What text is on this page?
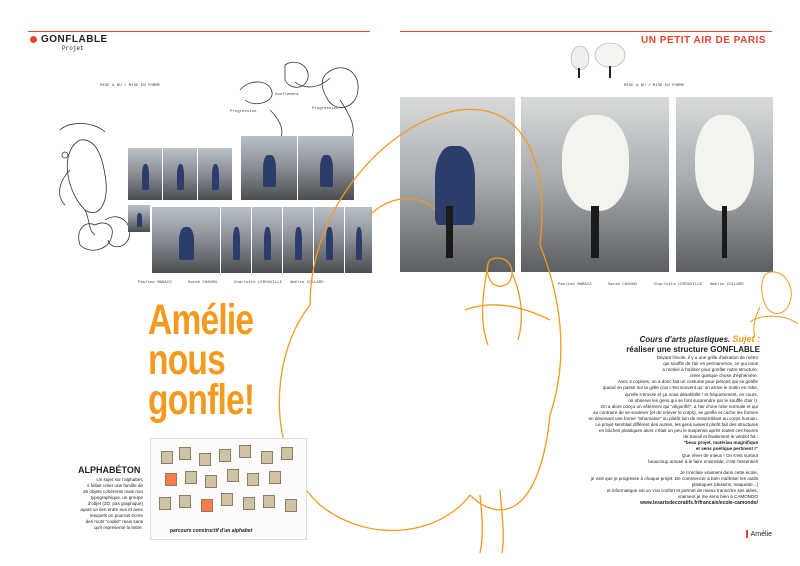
GONFLABLE
Projet
UN PETIT AIR DE PARIS
MISE A NU / MISE EN FORME
Gonflement
Progression
Progression
MISE A NU / MISE EN FORME
Pauline MARAIS	Sarah CHAVON	Charlotte LEROUVILLE Amélie COLLARD	Pauline MARAIS	Sarah CHAVON	Charlotte LEROUVILLE Amélie COLLARD
Amélie
nous
gonfle!
ALPHABÉTON
Un sujet sur l'alphabet,
il fallait créer une famille de
26 objets cohérents mais non
typographique, un groupe
d'objet (3D, pas graphique)
ayant un lien entre eux et avec
lesquels on pourrait écrire
des mots "codés" mais sans
qu'il représente la lettre.
parcours constructif d'un alphabet
Cours d'arts plastiques. Sujet :
réaliser une structure GONFLABLE
Devant l'école, il y a une grille d'aération de métro
qui souffle de l'air en permanence, ce qui nous
a motivé à l'utiliser pour gonfler notre structure;
créer quelque chose d'éphémère.
Avec 4 copines, on a donc fait un costume pour piétons qui se gonfle
quand on passe sur la grille (car c'est souvent qu' on arrive le matin en robe,
qu'elle s'envole et ça nous désahbille ! et fréquemment, en cours,
on observe les gens qui se font surprendre par le souffle d'air !).
On a alors conçu un vêtement qui "dégonflé", a l'air d'une robe normale et qui
au contraire de se soulever (et de relever le corps), se gonfle et cache les formes
en devenant une forme "inhumaine" ou plutôt loin de ressemblant au corps humain.
Le projet semblait différent des autres, les gens avaient plutôt fait des structures
en bâches plastiques alors c'était un peu le suspense après toutes ces heures
de travail et finalement le verdict fut :
"beau projet, matériau magnifique
et sens poétique pertinent !"
Que rêver de mieux ! On s'est surtout
beaucoup amusé à le faire ensemble, c'est l'essentiel!
Je m'éclate vraiment dans cette école,
je vois que je progresse à chaque projet. De commencer à bien maîtriser les outils
plastiques (dessins, maquette...)
et informatique est un vrai confort et permet de mieux transcrire ses idées,
vraiment je me sens bien à CAMONDO
www.lesartsdecoratifs.fr/francais/ecole-camondo/
Amélie
